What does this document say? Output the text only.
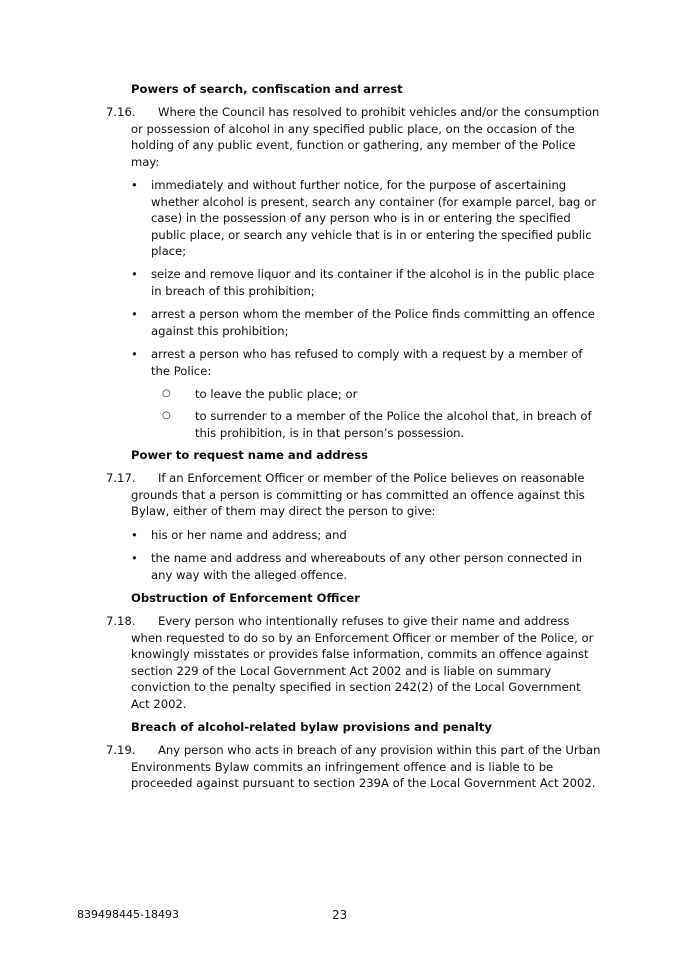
Powers of search, confiscation and arrest
7.16.	Where the Council has resolved to prohibit vehicles and/or the consumption or possession of alcohol in any specified public place, on the occasion of the holding of any public event, function or gathering, any member of the Police may:
• immediately and without further notice, for the purpose of ascertaining whether alcohol is present, search any container (for example parcel, bag or case) in the possession of any person who is in or entering the specified public place, or search any vehicle that is in or entering the specified public place;
• seize and remove liquor and its container if the alcohol is in the public place in breach of this prohibition;
• arrest a person whom the member of the Police finds committing an offence against this prohibition;
• arrest a person who has refused to comply with a request by a member of the Police:
○ to leave the public place; or
○ to surrender to a member of the Police the alcohol that, in breach of this prohibition, is in that person’s possession.
Power to request name and address
7.17.	If an Enforcement Officer or member of the Police believes on reasonable grounds that a person is committing or has committed an offence against this Bylaw, either of them may direct the person to give:
• his or her name and address; and
• the name and address and whereabouts of any other person connected in any way with the alleged offence.
Obstruction of Enforcement Officer
7.18.	Every person who intentionally refuses to give their name and address when requested to do so by an Enforcement Officer or member of the Police, or knowingly misstates or provides false information, commits an offence against section 229 of the Local Government Act 2002 and is liable on summary conviction to the penalty specified in section 242(2) of the Local Government Act 2002.
Breach of alcohol-related bylaw provisions and penalty
7.19.	Any person who acts in breach of any provision within this part of the Urban Environments Bylaw commits an infringement offence and is liable to be proceeded against pursuant to section 239A of the Local Government Act 2002.
839498445-18493	23
